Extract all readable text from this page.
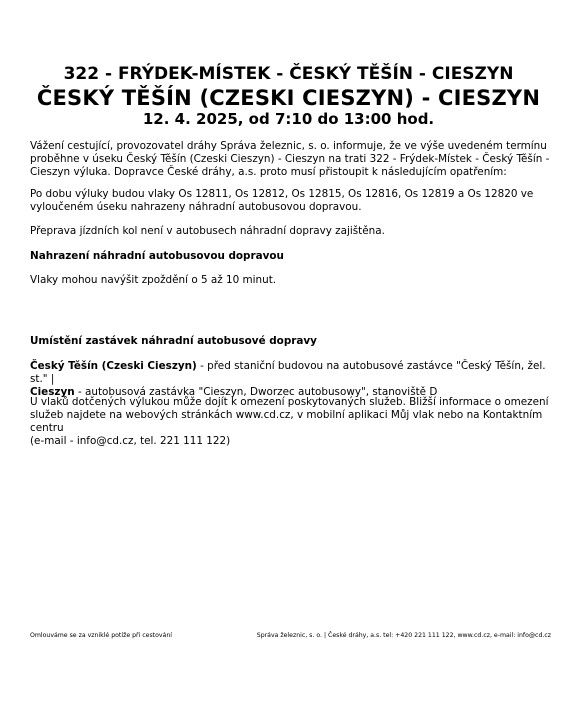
322 - FRÝDEK-MÍSTEK - ČESKÝ TĚŠÍN - CIESZYN
ČESKÝ TĚŠÍN (CZESKI CIESZYN) - CIESZYN
12. 4. 2025, od 7:10 do 13:00 hod.

Vážení cestující, provozovatel dráhy Správa železnic, s. o. informuje, že ve výše uvedeném termínu

proběhne v úseku Český Těšín (Czeski Cieszyn) - Cieszyn na trati 322 - Frýdek-Místek - Český Těšín -

Cieszyn výluka. Dopravce České dráhy, a.s. proto musí přistoupit k následujícím opatřením:

Po dobu výluky budou vlaky Os 12811, Os 12812, Os 12815, Os 12816, Os 12819 a Os 12820 ve

vyloučeném úseku nahrazeny náhradní autobusovou dopravou.

Přeprava jízdních kol není v autobusech náhradní dopravy zajištěna.

Nahrazení náhradní autobusovou dopravou

Vlaky mohou navýšit zpoždění o 5 až 10 minut.

Umístění zastávek náhradní autobusové dopravy

Český Těšín (Czeski Cieszyn) - před staniční budovou na autobusové zastávce "Český Těšín, žel. st." |

Cieszyn - autobusová zastávka "Cieszyn, Dworzec autobusowy", stanoviště D

U vlaků dotčených výlukou může dojít k omezení poskytovaných služeb. Bližší informace o omezení

služeb najdete na webových stránkách www.cd.cz, v mobilní aplikaci Můj vlak nebo na Kontaktním centru

(e-mail - info@cd.cz, tel. 221 111 122)

Omlouváme se za vzniklé potíže při cestování	Správa železnic, s. o. | České dráhy, a.s. tel: +420 221 111 122, www.cd.cz, e-mail: info@cd.cz
